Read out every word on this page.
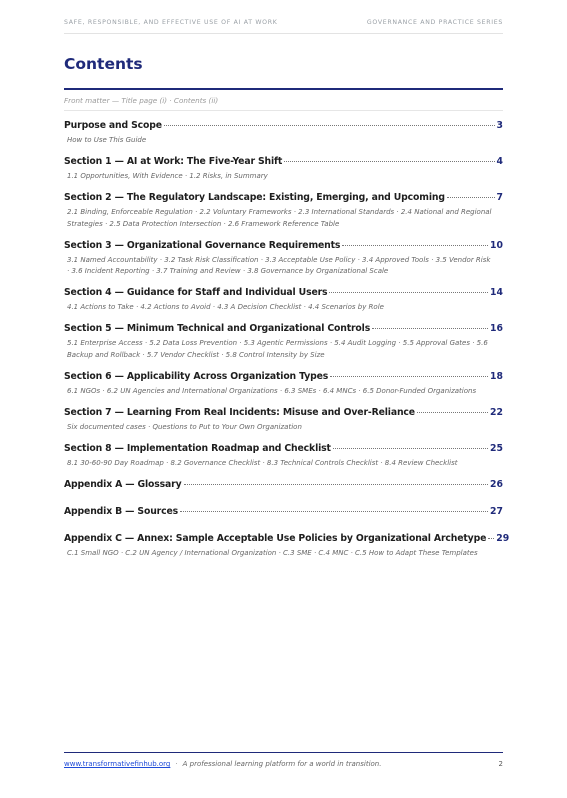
SAFE, RESPONSIBLE, AND EFFECTIVE USE OF AI AT WORK	GOVERNANCE AND PRACTICE SERIES
Contents
Front matter — Title page (i) · Contents (ii)
Purpose and Scope	3
How to Use This Guide
Section 1 — AI at Work: The Five-Year Shift	4
1.1 Opportunities, With Evidence · 1.2 Risks, in Summary
Section 2 — The Regulatory Landscape: Existing, Emerging, and Upcoming	7
2.1 Binding, Enforceable Regulation · 2.2 Voluntary Frameworks · 2.3 International Standards · 2.4 National and Regional Strategies · 2.5 Data Protection Intersection · 2.6 Framework Reference Table
Section 3 — Organizational Governance Requirements	10
3.1 Named Accountability · 3.2 Task Risk Classification · 3.3 Acceptable Use Policy · 3.4 Approved Tools · 3.5 Vendor Risk · 3.6 Incident Reporting · 3.7 Training and Review · 3.8 Governance by Organizational Scale
Section 4 — Guidance for Staff and Individual Users	14
4.1 Actions to Take · 4.2 Actions to Avoid · 4.3 A Decision Checklist · 4.4 Scenarios by Role
Section 5 — Minimum Technical and Organizational Controls	16
5.1 Enterprise Access · 5.2 Data Loss Prevention · 5.3 Agentic Permissions · 5.4 Audit Logging · 5.5 Approval Gates · 5.6 Backup and Rollback · 5.7 Vendor Checklist · 5.8 Control Intensity by Size
Section 6 — Applicability Across Organization Types	18
6.1 NGOs · 6.2 UN Agencies and International Organizations · 6.3 SMEs · 6.4 MNCs · 6.5 Donor-Funded Organizations
Section 7 — Learning From Real Incidents: Misuse and Over-Reliance	22
Six documented cases · Questions to Put to Your Own Organization
Section 8 — Implementation Roadmap and Checklist	25
8.1 30-60-90 Day Roadmap · 8.2 Governance Checklist · 8.3 Technical Controls Checklist · 8.4 Review Checklist
Appendix A — Glossary	26
Appendix B — Sources	27
Appendix C — Annex: Sample Acceptable Use Policies by Organizational Archetype 29
C.1 Small NGO · C.2 UN Agency / International Organization · C.3 SME · C.4 MNC · C.5 How to Adapt These Templates
www.transformativefinhub.org · A professional learning platform for a world in transition.	2
